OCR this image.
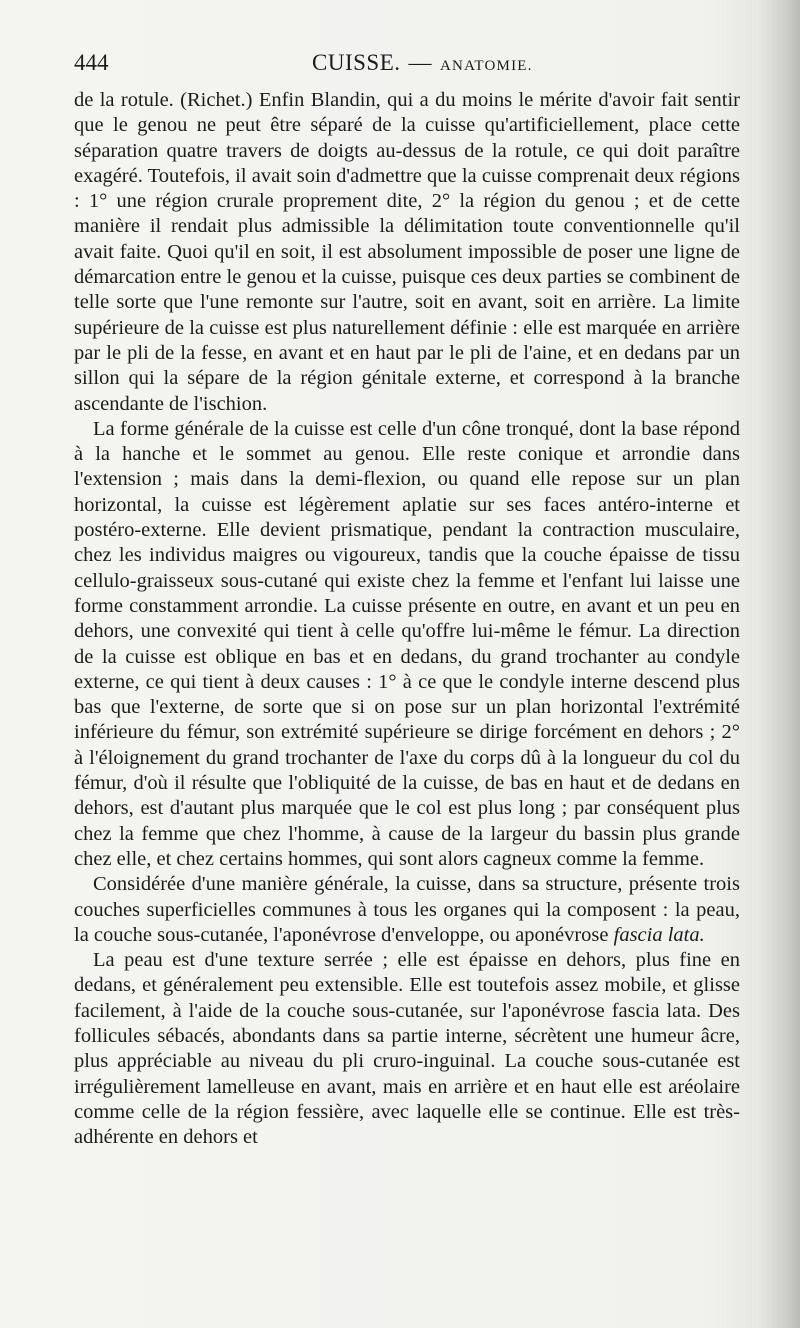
444	CUISSE. — ANATOMIE.

de la rotule. (Richet.) Enfin Blandin, qui a du moins le mérite d'avoir fait sentir que le genou ne peut être séparé de la cuisse qu'artificiellement, place cette séparation quatre travers de doigts au-dessus de la rotule, ce qui doit paraître exagéré. Toutefois, il avait soin d'admettre que la cuisse comprenait deux régions : 1° une région crurale proprement dite, 2° la région du genou ; et de cette manière il rendait plus admissible la délimitation toute conventionnelle qu'il avait faite. Quoi qu'il en soit, il est absolument impossible de poser une ligne de démarcation entre le genou et la cuisse, puisque ces deux parties se combinent de telle sorte que l'une remonte sur l'autre, soit en avant, soit en arrière. La limite supérieure de la cuisse est plus naturellement définie : elle est marquée en arrière par le pli de la fesse, en avant et en haut par le pli de l'aine, et en dedans par un sillon qui la sépare de la région génitale externe, et correspond à la branche ascendante de l'ischion.

La forme générale de la cuisse est celle d'un cône tronqué, dont la base répond à la hanche et le sommet au genou. Elle reste conique et arrondie dans l'extension ; mais dans la demi-flexion, ou quand elle repose sur un plan horizontal, la cuisse est légèrement aplatie sur ses faces antéro-interne et postéro-externe. Elle devient prismatique, pendant la contraction musculaire, chez les individus maigres ou vigoureux, tandis que la couche épaisse de tissu cellulo-graisseux sous-cutané qui existe chez la femme et l'enfant lui laisse une forme constamment arrondie. La cuisse présente en outre, en avant et un peu en dehors, une convexité qui tient à celle qu'offre lui-même le fémur. La direction de la cuisse est oblique en bas et en dedans, du grand trochanter au condyle externe, ce qui tient à deux causes : 1° à ce que le condyle interne descend plus bas que l'externe, de sorte que si on pose sur un plan horizontal l'extrémité inférieure du fémur, son extrémité supérieure se dirige forcément en dehors ; 2° à l'éloignement du grand trochanter de l'axe du corps dû à la longueur du col du fémur, d'où il résulte que l'obliquité de la cuisse, de bas en haut et de dedans en dehors, est d'autant plus marquée que le col est plus long ; par conséquent plus chez la femme que chez l'homme, à cause de la largeur du bassin plus grande chez elle, et chez certains hommes, qui sont alors cagneux comme la femme.

Considérée d'une manière générale, la cuisse, dans sa structure, présente trois couches superficielles communes à tous les organes qui la composent : la peau, la couche sous-cutanée, l'aponévrose d'enveloppe, ou aponévrose fascia lata.

La peau est d'une texture serrée ; elle est épaisse en dehors, plus fine en dedans, et généralement peu extensible. Elle est toutefois assez mobile, et glisse facilement, à l'aide de la couche sous-cutanée, sur l'aponévrose fascia lata. Des follicules sébacés, abondants dans sa partie interne, sécrètent une humeur âcre, plus appréciable au niveau du pli cruro-inguinal. La couche sous-cutanée est irrégulièrement lamelleuse en avant, mais en arrière et en haut elle est aréolaire comme celle de la région fessière, avec laquelle elle se continue. Elle est très-adhérente en dehors et
